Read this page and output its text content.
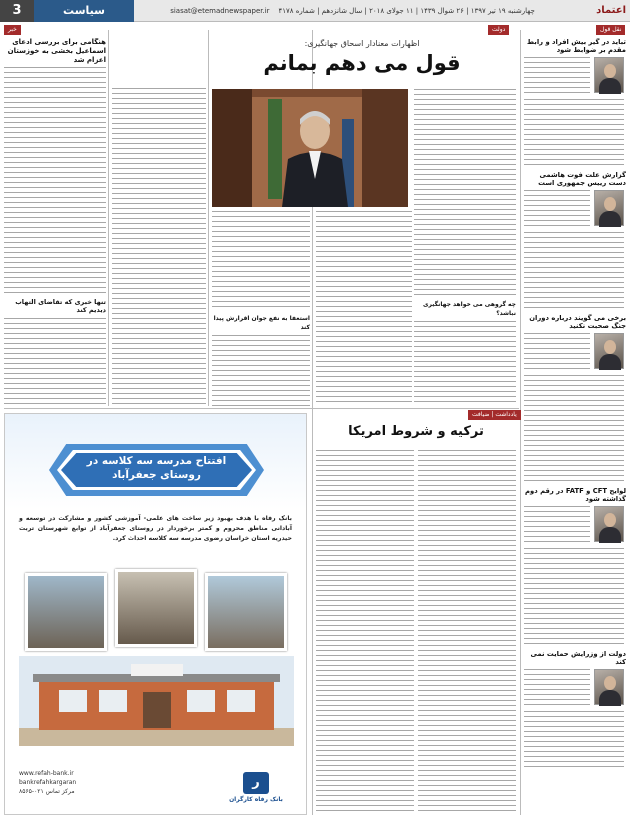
3	سیاست	چهارشنبه ۱۹ تیر ۱۳۹۷ | ۲۶ شوال ۱۴۳۹ | ۱۱ جولای ۲۰۱۸ | سال شانزدهم | شماره ۴۱۷۸    siasat@etemadnewspaper.ir	اعتماد
خبر	دولت	نقل قول
هنگامی برای بررسی ادعای اسماعیل بخشی به خوزستان اعزام شد
تنها خبری که تقاضای التهاب دیدیم کند
اظهارات معنادار اسحاق جهانگیری:
قول می دهم بمانم
استعفا به نفع جوان اقرارش پیدا کند
چه گروهی می خواهد جهانگیری نباشد؟
یادداشت | ضیافت
ترکیه و شروط امریکا
تباید در گیر بیش افراد و رابط مقدم بر ضوابط شود
گزارش علت فوت هاشمی دست رییس جمهوری است
برخی می گویند درباره دوران جنگ صحبت نکنید
لوایح CFT و FATF در رقم دوم گذاشته شود
دولت از وزرایش حمایت نمی کند
افتتاح مدرسه سه کلاسه در روستای جعفرآباد
بانک رفاه با هدف بهبود زیر ساخت های علمی- آموزشی کشور و مشارکت در توسعه و آبادانی مناطق محروم و کمتر برخوردار در روستای جعفرآباد از توابع شهرستان تربت حیدریه استان خراسان رضوی مدرسه سه کلاسه احداث کرد.
www.refah-bank.ir
bankrefahkargaran
مرکز تماس ۰۲۱-۸۵۶۵
ر
بانک رفاه کارگران
